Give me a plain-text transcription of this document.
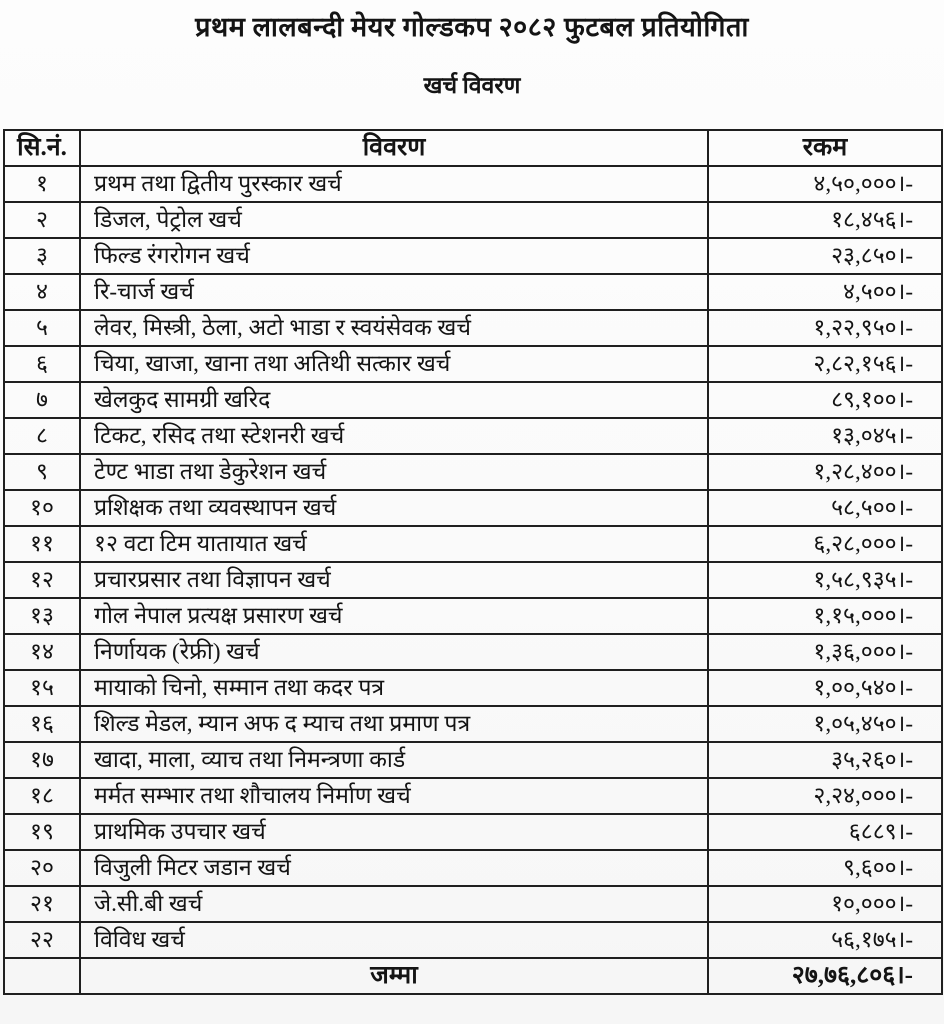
प्रथम लालबन्दी मेयर गोल्डकप २०८२ फुटबल प्रतियोगिता
खर्च विवरण
सि.नं.	विवरण	रकम
१	प्रथम तथा द्वितीय पुरस्कार खर्च	४,५०,०००।-
२	डिजल, पेट्रोल खर्च	१८,४५६।-
३	फिल्ड रंगरोगन खर्च	२३,८५०।-
४	रि-चार्ज खर्च	४,५००।-
५	लेवर, मिस्त्री, ठेला, अटो भाडा र स्वयंसेवक खर्च	१,२२,९५०।-
६	चिया, खाजा, खाना तथा अतिथी सत्कार खर्च	२,८२,१५६।-
७	खेलकुद सामग्री खरिद	८९,१००।-
८	टिकट, रसिद तथा स्टेशनरी खर्च	१३,०४५।-
९	टेण्ट भाडा तथा डेकुरेशन खर्च	१,२८,४००।-
१०	प्रशिक्षक तथा व्यवस्थापन खर्च	५८,५००।-
११	१२ वटा टिम यातायात खर्च	६,२८,०००।-
१२	प्रचारप्रसार तथा विज्ञापन खर्च	१,५८,९३५।-
१३	गोल नेपाल प्रत्यक्ष प्रसारण खर्च	१,१५,०००।-
१४	निर्णायक (रेफ्री) खर्च	१,३६,०००।-
१५	मायाको चिनो, सम्मान तथा कदर पत्र	१,००,५४०।-
१६	शिल्ड मेडल, म्यान अफ द म्याच तथा प्रमाण पत्र	१,०५,४५०।-
१७	खादा, माला, व्याच तथा निमन्त्रणा कार्ड	३५,२६०।-
१८	मर्मत सम्भार तथा शौचालय निर्माण खर्च	२,२४,०००।-
१९	प्राथमिक उपचार खर्च	६८८९।-
२०	विजुली मिटर जडान खर्च	९,६००।-
२१	जे.सी.बी खर्च	१०,०००।-
२२	विविध खर्च	५६,१७५।-
	जम्मा	२७,७६,८०६।-
